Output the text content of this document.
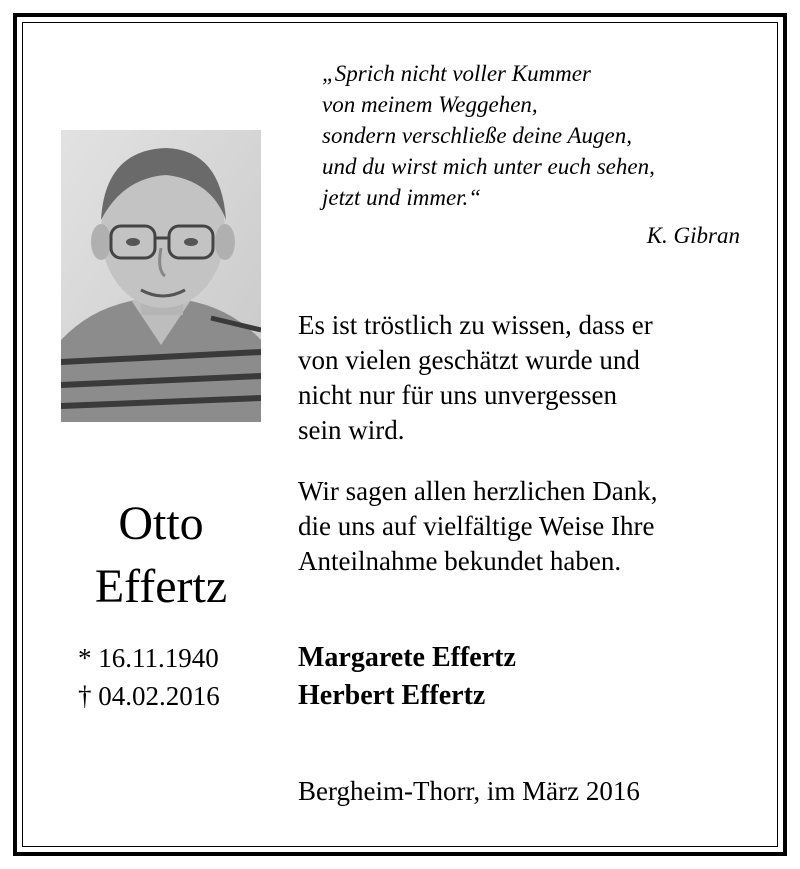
„Sprich nicht voller Kummer
von meinem Weggehen,
sondern verschließe deine Augen,
und du wirst mich unter euch sehen,
jetzt und immer.“
K. Gibran
Es ist tröstlich zu wissen, dass er
von vielen geschätzt wurde und
nicht nur für uns unvergessen
sein wird.
Wir sagen allen herzlichen Dank,
die uns auf vielfältige Weise Ihre
Anteilnahme bekundet haben.
Otto
Effertz
* 16.11.1940
† 04.02.2016
Margarete Effertz
Herbert Effertz
Bergheim-Thorr, im März 2016
